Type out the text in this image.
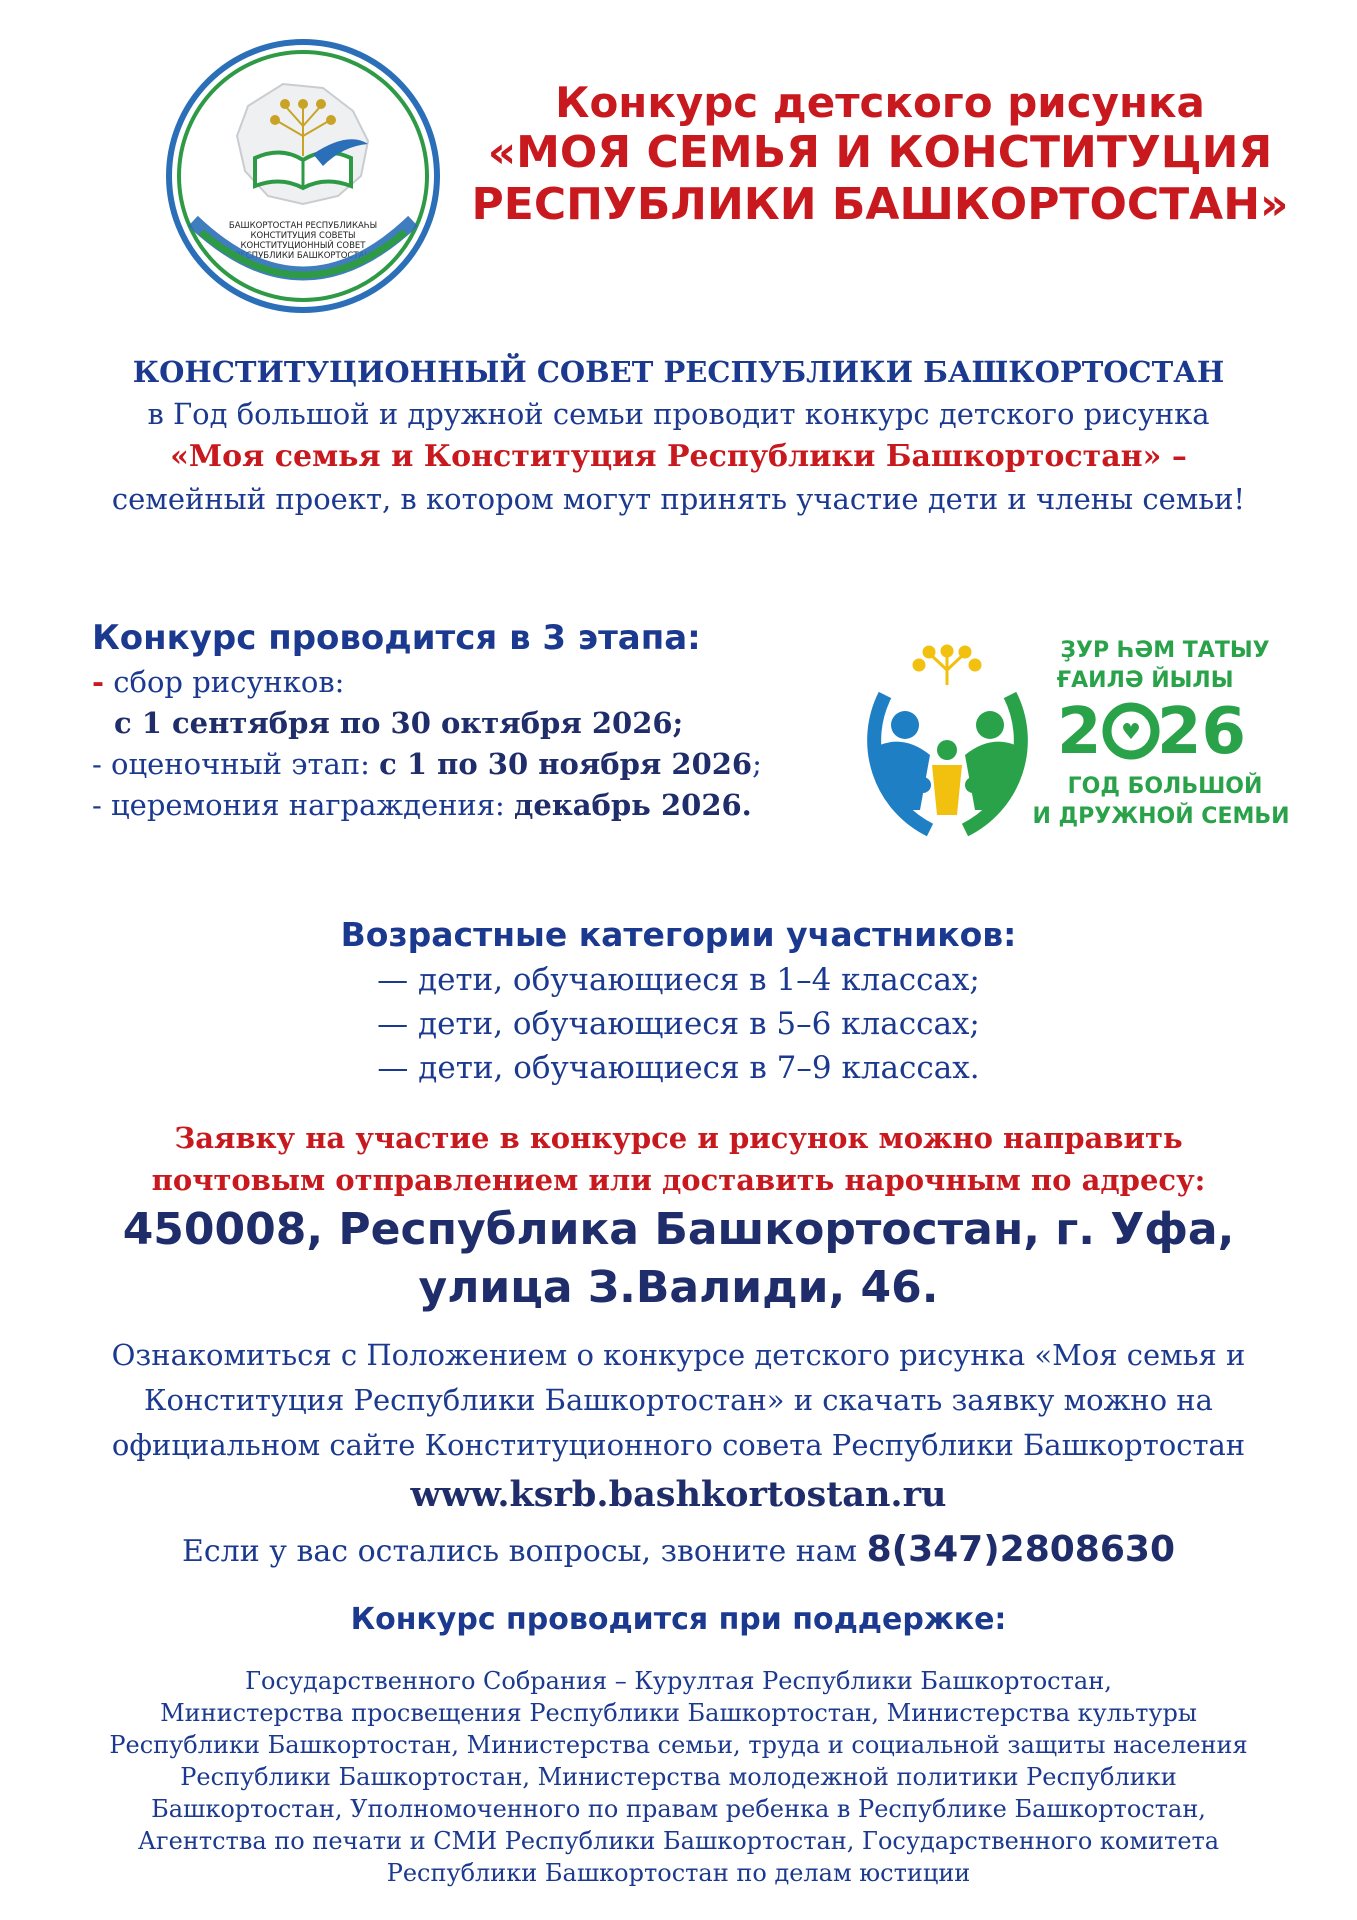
БАШКОРТОСТАН РЕСПУБЛИКАҺЫ
КОНСТИТУЦИЯ СОВЕТЫ
КОНСТИТУЦИОННЫЙ СОВЕТ
РЕСПУБЛИКИ БАШКОРТОСТАН
Конкурс детского рисунка
«МОЯ СЕМЬЯ И КОНСТИТУЦИЯ
РЕСПУБЛИКИ БАШКОРТОСТАН»
КОНСТИТУЦИОННЫЙ СОВЕТ РЕСПУБЛИКИ БАШКОРТОСТАН
в Год большой и дружной семьи проводит конкурс детского рисунка
«Моя семья и Конституция Республики Башкортостан» –
семейный проект, в котором могут принять участие дети и члены семьи!
Конкурс проводится в 3 этапа:
- сбор рисунков:
с 1 сентября по 30 октября 2026;
- оценочный этап: с 1 по 30 ноября 2026;
- церемония награждения: декабрь 2026.
ҘУР ҺӘМ ТАТЫУ
ҒАИЛӘ ЙЫЛЫ
2 ♥ 26
ГОД БОЛЬШОЙ
И ДРУЖНОЙ СЕМЬИ
Возрастные категории участников:
— дети, обучающиеся в 1–4 классах;
— дети, обучающиеся в 5–6 классах;
— дети, обучающиеся в 7–9 классах.
Заявку на участие в конкурсе и рисунок можно направить
почтовым отправлением или доставить нарочным по адресу:
450008, Республика Башкортостан, г. Уфа,
улица З.Валиди, 46.
Ознакомиться с Положением о конкурсе детского рисунка «Моя семья и
Конституция Республики Башкортостан» и скачать заявку можно на
официальном сайте Конституционного совета Республики Башкортостан
www.ksrb.bashkortostan.ru
Если у вас остались вопросы, звоните нам 8(347)2808630
Конкурс проводится при поддержке:
Государственного Собрания – Курултая Республики Башкортостан,
Министерства просвещения Республики Башкортостан, Министерства культуры
Республики Башкортостан, Министерства семьи, труда и социальной защиты населения
Республики Башкортостан, Министерства молодежной политики Республики
Башкортостан, Уполномоченного по правам ребенка в Республике Башкортостан,
Агентства по печати и СМИ Республики Башкортостан, Государственного комитета
Республики Башкортостан по делам юстиции
